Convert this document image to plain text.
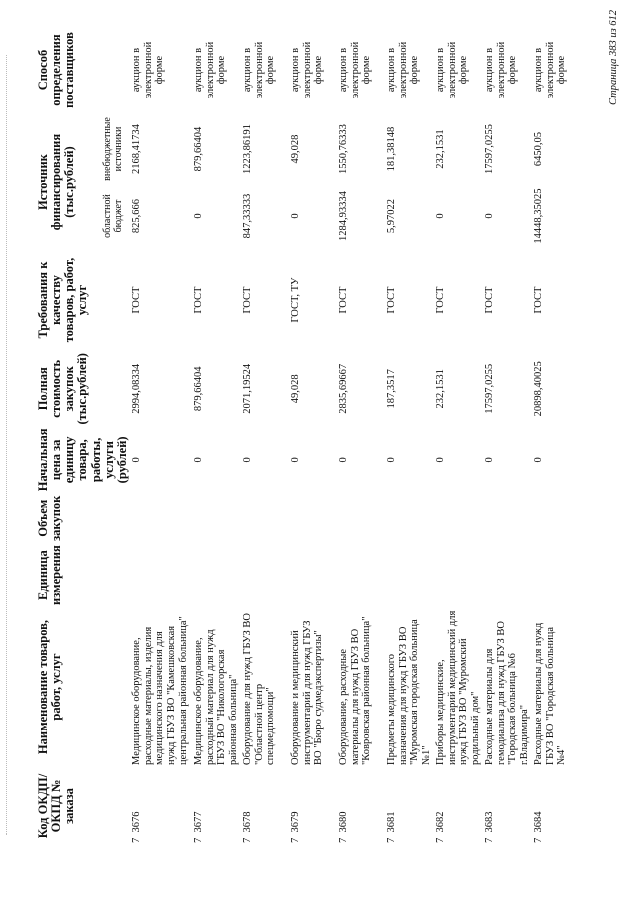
Код ОКДП/ ОКПД № заказа	Наименование товаров, работ, услуг	Единица измерения	Объем закупок	Начальная цена за единицу товара, работы, услуги (рублей)	Полная стоимость закупок (тыс.рублей)	Требования к качеству товаров, работ, услуг	Источник финансирования (тыс.рублей)		Способ определения поставщиков
							областной бюджет	внебюджетные источники	
7  3676	Медицинское оборудование, расходные материалы, изделия медицинского назначения для нужд ГБУЗ ВО "Камешковская центральная районная больница"			0	2994,08334	ГОСТ	825,666	2168,41734	аукцион в электронной форме
7  3677	Медицинское оборудование, расходный материал для нужд ГБУЗ ВО "Никологорская районная больница"			0	879,66404	ГОСТ	0	879,66404	аукцион в электронной форме
7  3678	Оборудование для нужд ГБУЗ ВО "Областной центр спецмедпомощи"			0	2071,19524	ГОСТ	847,33333	1223,86191	аукцион в электронной форме
7  3679	Оборудование и медицинский инструментарий для нужд ГБУЗ ВО "Бюро судмедэкспертизы"			0	49,028	ГОСТ, ТУ	0	49,028	аукцион в электронной форме
7  3680	Оборудование, расходные материалы для нужд ГБУЗ ВО "Ковровская районная больница"			0	2835,69667	ГОСТ	1284,93334	1550,76333	аукцион в электронной форме
7  3681	Предметы медицинского назначения для нужд ГБУЗ ВО "Муромская городская больница №1"			0	187,3517	ГОСТ	5,97022	181,38148	аукцион в электронной форме
7  3682	Приборы медицинские, инструментарий медицинский для нужд ГБУЗ ВО "Муромский родильный дом"			0	232,1531	ГОСТ	0	232,1531	аукцион в электронной форме
7  3683	Расходные материалы для гемодиализа для нужд ГБУЗ ВО "Городская больница №6 г.Владимира"			0	17597,0255	ГОСТ	0	17597,0255	аукцион в электронной форме
7  3684	Расходные материалы для нужд ГБУЗ ВО "Городская больница №4"			0	20898,40025	ГОСТ	14448,35025	6450,05	аукцион в электронной форме	Страница 383 из 612
